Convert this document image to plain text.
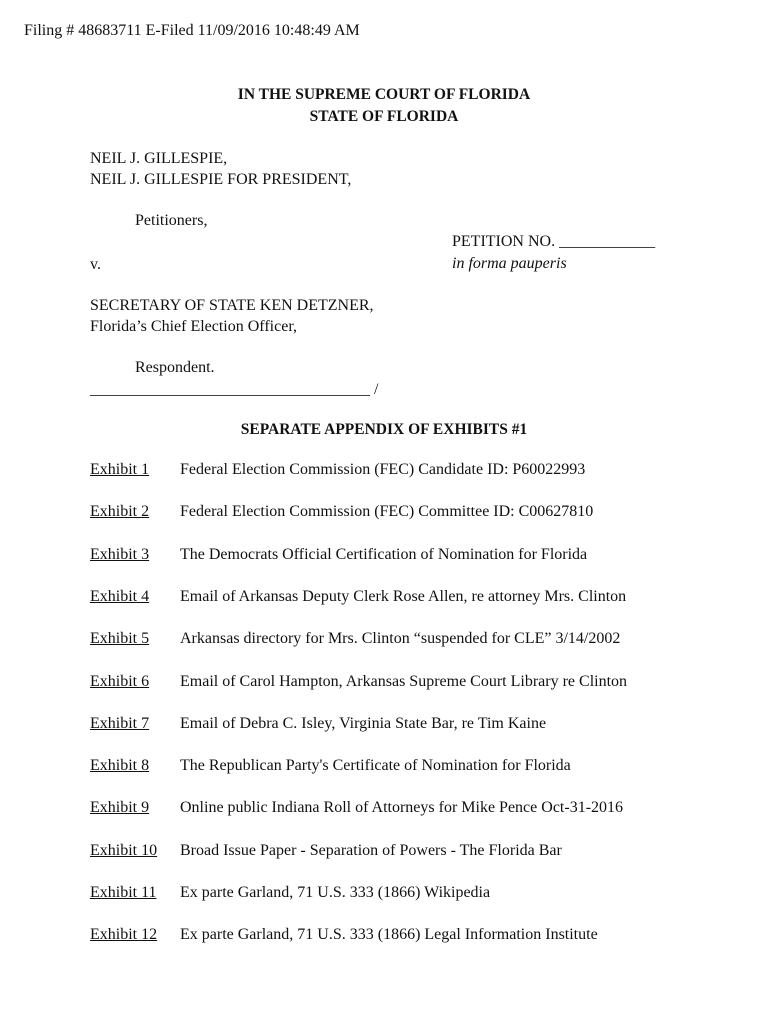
Filing # 48683711 E-Filed 11/09/2016 10:48:49 AM
IN THE SUPREME COURT OF FLORIDA
STATE OF FLORIDA
NEIL J. GILLESPIE,
NEIL J. GILLESPIE FOR PRESIDENT,
Petitioners,
PETITION NO. ____________
in forma pauperis
v.
SECRETARY OF STATE KEN DETZNER,
Florida’s Chief Election Officer,
Respondent.
___________________________________ /
SEPARATE APPENDIX OF EXHIBITS #1
Exhibit 1 Federal Election Commission (FEC) Candidate ID: P60022993
Exhibit 2 Federal Election Commission (FEC) Committee ID: C00627810
Exhibit 3 The Democrats Official Certification of Nomination for Florida
Exhibit 4 Email of Arkansas Deputy Clerk Rose Allen, re attorney Mrs. Clinton
Exhibit 5 Arkansas directory for Mrs. Clinton “suspended for CLE” 3/14/2002
Exhibit 6 Email of Carol Hampton, Arkansas Supreme Court Library re Clinton
Exhibit 7 Email of Debra C. Isley, Virginia State Bar, re Tim Kaine
Exhibit 8 The Republican Party's Certificate of Nomination for Florida
Exhibit 9 Online public Indiana Roll of Attorneys for Mike Pence Oct-31-2016
Exhibit 10 Broad Issue Paper - Separation of Powers - The Florida Bar
Exhibit 11 Ex parte Garland, 71 U.S. 333 (1866) Wikipedia
Exhibit 12 Ex parte Garland, 71 U.S. 333 (1866) Legal Information Institute
